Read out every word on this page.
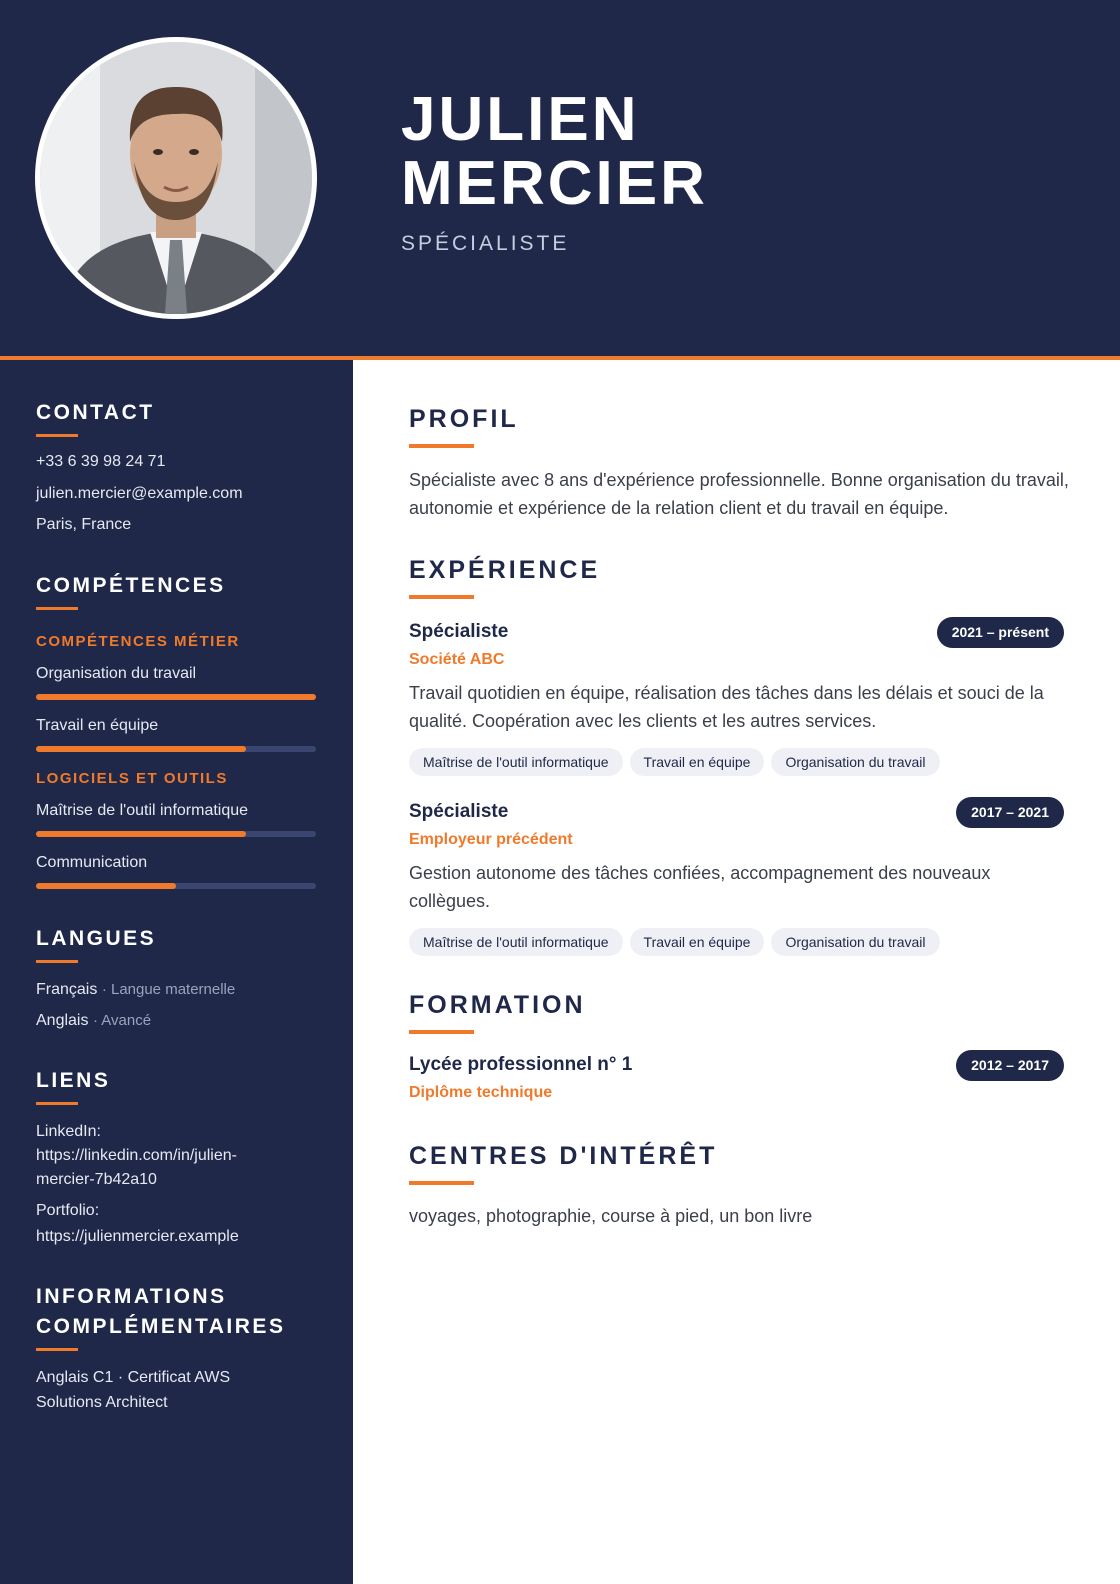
JULIEN
MERCIER
SPÉCIALISTE
CONTACT
+33 6 39 98 24 71
julien.mercier@example.com
Paris, France
COMPÉTENCES
COMPÉTENCES MÉTIER
Organisation du travail
Travail en équipe
LOGICIELS ET OUTILS
Maîtrise de l'outil informatique
Communication
LANGUES
Français · Langue maternelle
Anglais · Avancé
LIENS
LinkedIn:
https://linkedin.com/in/julien-
mercier-7b42a10
Portfolio:
https://julienmercier.example
INFORMATIONS
COMPLÉMENTAIRES
Anglais C1 · Certificat AWS
Solutions Architect
PROFIL
Spécialiste avec 8 ans d'expérience professionnelle. Bonne organisation du travail, autonomie et expérience de la relation client et du travail en équipe.
EXPÉRIENCE
Spécialiste	2021 – présent
Société ABC
Travail quotidien en équipe, réalisation des tâches dans les délais et souci de la qualité. Coopération avec les clients et les autres services.
Maîtrise de l'outil informatique	Travail en équipe	Organisation du travail
Spécialiste	2017 – 2021
Employeur précédent
Gestion autonome des tâches confiées, accompagnement des nouveaux collègues.
Maîtrise de l'outil informatique	Travail en équipe	Organisation du travail
FORMATION
Lycée professionnel n° 1	2012 – 2017
Diplôme technique
CENTRES D'INTÉRÊT
voyages, photographie, course à pied, un bon livre
